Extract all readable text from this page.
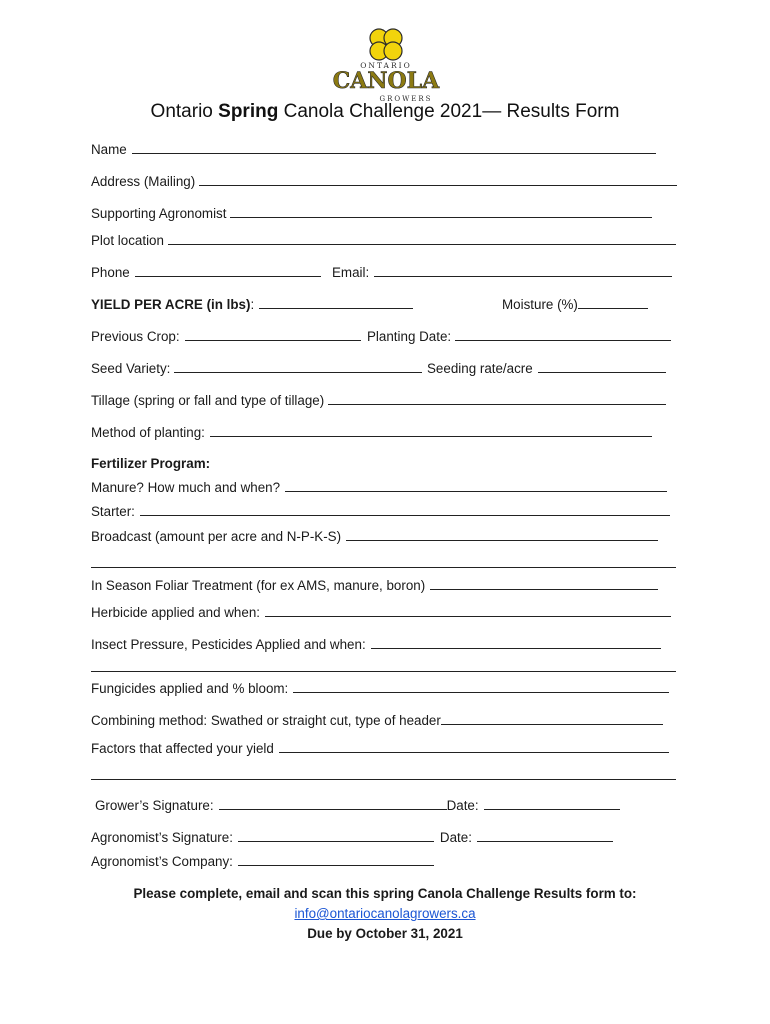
ONTARIO
CANOLA
GROWERS
Ontario Spring Canola Challenge 2021— Results Form
Name
Address (Mailing)
Supporting Agronomist
Plot location
Phone	Email:
YIELD PER ACRE (in lbs) :	Moisture (%)
Previous Crop:	Planting Date:
Seed Variety:	Seeding rate/acre
Tillage (spring or fall and type of tillage)
Method of planting:
Fertilizer Program:
Manure? How much and when?
Starter:
Broadcast (amount per acre and N-P-K-S)
In Season Foliar Treatment (for ex AMS, manure, boron)
Herbicide applied and when:
Insect Pressure, Pesticides Applied and when:
Fungicides applied and % bloom:
Combining method: Swathed or straight cut, type of header
Factors that affected your yield
Grower’s Signature:	Date:
Agronomist’s Signature:	Date:
Agronomist’s Company:
Please complete, email and scan this spring Canola Challenge Results form to:
info@ontariocanolagrowers.ca
Due by October 31, 2021
